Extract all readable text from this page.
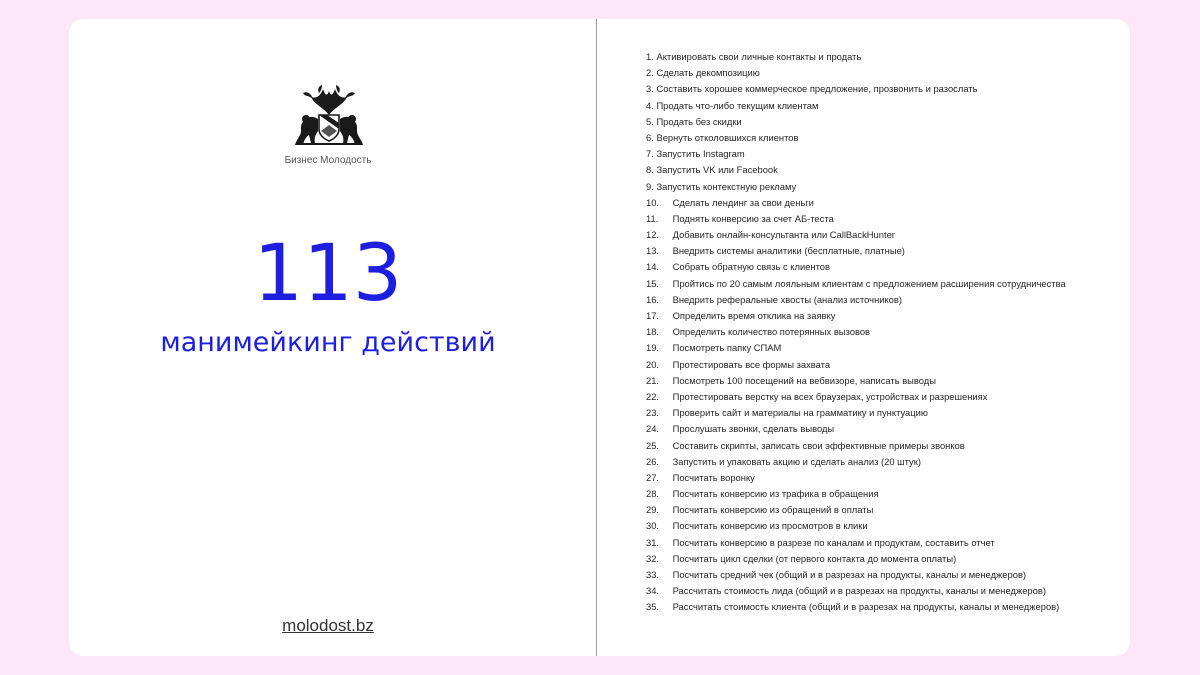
Бизнес Молодость
113
манимейкинг действий
molodost.bz
1. Активировать свои личные контакты и продать
2. Сделать декомпозицию
3. Составить хорошее коммерческое предложение, прозвонить и разослать
4. Продать что-либо текущим клиентам
5. Продать без скидки
6. Вернуть отколовшихся клиентов
7. Запустить Instagram
8. Запустить VK или Facebook
9. Запустить контекстную рекламу
10. Сделать лендинг за свои деньги
11. Поднять конверсию за счет АБ-теста
12. Добавить онлайн-консультанта или CallBackHunter
13. Внедрить системы аналитики (бесплатные, платные)
14. Собрать обратную связь с клиентов
15. Пройтись по 20 самым лояльным клиентам с предложением расширения сотрудничества
16. Внедрить реферальные хвосты (анализ источников)
17. Определить время отклика на заявку
18. Определить количество потерянных вызовов
19. Посмотреть папку СПАМ
20. Протестировать все формы захвата
21. Посмотреть 100 посещений на вебвизоре, написать выводы
22. Протестировать верстку на всех браузерах, устройствах и разрешениях
23. Проверить сайт и материалы на грамматику и пунктуацию
24. Прослушать звонки, сделать выводы
25. Составить скрипты, записать свои эффективные примеры звонков
26. Запустить и упаковать акцию и сделать анализ (20 штук)
27. Посчитать воронку
28. Посчитать конверсию из трафика в обращения
29. Посчитать конверсию из обращений в оплаты
30. Посчитать конверсию из просмотров в клики
31. Посчитать конверсию в разрезе по каналам и продуктам, составить отчет
32. Посчитать цикл сделки (от первого контакта до момента оплаты)
33. Посчитать средний чек (общий и в разрезах на продукты, каналы и менеджеров)
34. Рассчитать стоимость лида (общий и в разрезах на продукты, каналы и менеджеров)
35. Рассчитать стоимость клиента (общий и в разрезах на продукты, каналы и менеджеров)
